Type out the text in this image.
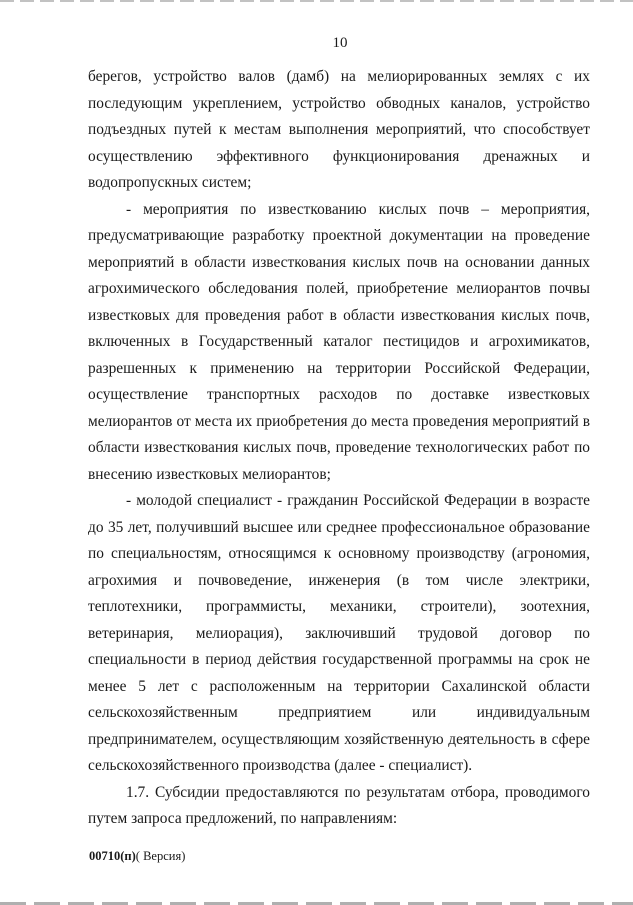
10

берегов, устройство валов (дамб) на мелиорированных землях с их последующим укреплением, устройство обводных каналов, устройство подъездных путей к местам выполнения мероприятий, что способствует осуществлению эффективного функционирования дренажных и водопропускных систем;

- мероприятия по известкованию кислых почв – мероприятия, предусматривающие разработку проектной документации на проведение мероприятий в области известкования кислых почв на основании данных агрохимического обследования полей, приобретение мелиорантов почвы известковых для проведения работ в области известкования кислых почв, включенных в Государственный каталог пестицидов и агрохимикатов, разрешенных к применению на территории Российской Федерации, осуществление транспортных расходов по доставке известковых мелиорантов от места их приобретения до места проведения мероприятий в области известкования кислых почв, проведение технологических работ по внесению известковых мелиорантов;

- молодой специалист - гражданин Российской Федерации в возрасте до 35 лет, получивший высшее или среднее профессиональное образование по специальностям, относящимся к основному производству (агрономия, агрохимия и почвоведение, инженерия (в том числе электрики, теплотехники, программисты, механики, строители), зоотехния, ветеринария, мелиорация), заключивший трудовой договор по специальности в период действия государственной программы на срок не менее 5 лет с расположенным на территории Сахалинской области сельскохозяйственным предприятием или индивидуальным предпринимателем, осуществляющим хозяйственную деятельность в сфере сельскохозяйственного производства (далее - специалист).

1.7. Субсидии предоставляются по результатам отбора, проводимого путем запроса предложений, по направлениям:

00710(п)( Версия)
